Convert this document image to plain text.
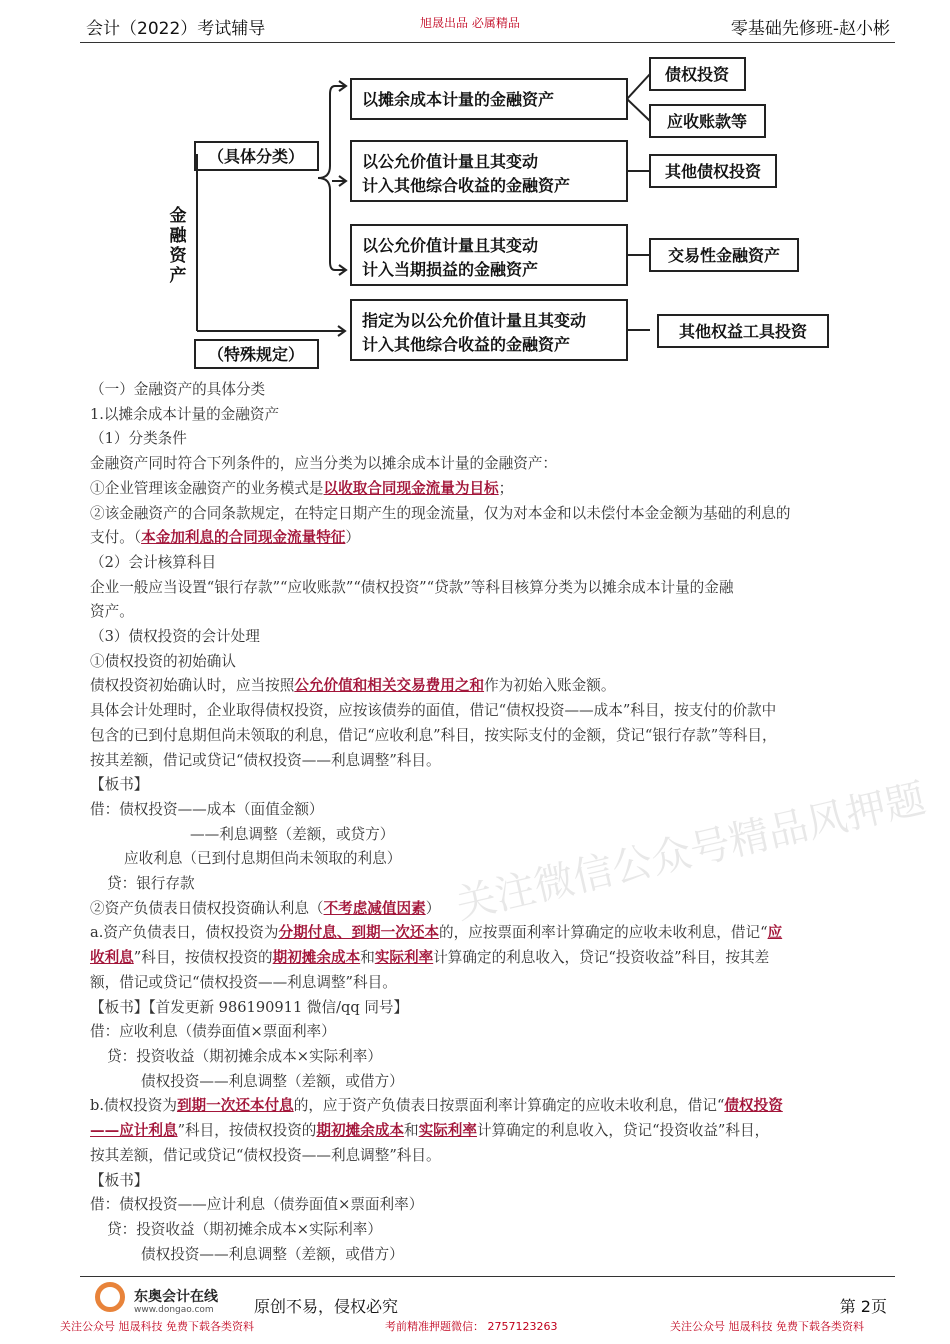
会计（2022）考试辅导	旭晟出品 必属精品	零基础先修班-赵小彬
金
融
资
产
（具体分类）
（特殊规定）
以摊余成本计量的金融资产
以公允价值计量且其变动
计入其他综合收益的金融资产
以公允价值计量且其变动
计入当期损益的金融资产
指定为以公允价值计量且其变动
计入其他综合收益的金融资产
债权投资
应收账款等
其他债权投资
交易性金融资产
其他权益工具投资
（一）金融资产的具体分类
1.以摊余成本计量的金融资产
（1）分类条件
金融资产同时符合下列条件的，应当分类为以摊余成本计量的金融资产：
①企业管理该金融资产的业务模式是以收取合同现金流量为目标；
②该金融资产的合同条款规定，在特定日期产生的现金流量，仅为对本金和以未偿付本金金额为基础的利息的
支付。（本金加利息的合同现金流量特征）
（2）会计核算科目
企业一般应当设置“银行存款”“应收账款”“债权投资”“贷款”等科目核算分类为以摊余成本计量的金融
资产。
（3）债权投资的会计处理
①债权投资的初始确认
债权投资初始确认时，应当按照公允价值和相关交易费用之和作为初始入账金额。
具体会计处理时，企业取得债权投资，应按该债券的面值，借记“债权投资——成本”科目，按支付的价款中
包含的已到付息期但尚未领取的利息，借记“应收利息”科目，按实际支付的金额，贷记“银行存款”等科目，
按其差额，借记或贷记“债权投资——利息调整”科目。
【板书】
借：债权投资——成本（面值金额）
——利息调整（差额，或贷方）
应收利息（已到付息期但尚未领取的利息）
贷：银行存款
②资产负债表日债权投资确认利息（不考虑减值因素）
a.资产负债表日，债权投资为分期付息、到期一次还本的，应按票面利率计算确定的应收未收利息，借记“应
收利息”科目，按债权投资的期初摊余成本和实际利率计算确定的利息收入，贷记“投资收益”科目，按其差
额，借记或贷记“债权投资——利息调整”科目。
【板书】【首发更新 986190911 微信/qq 同号】
借：应收利息（债券面值×票面利率）
贷：投资收益（期初摊余成本×实际利率）
债权投资——利息调整（差额，或借方）
b.债权投资为到期一次还本付息的，应于资产负债表日按票面利率计算确定的应收未收利息，借记“债权投资
——应计利息”科目，按债权投资的期初摊余成本和实际利率计算确定的利息收入，贷记“投资收益”科目，
按其差额，借记或贷记“债权投资——利息调整”科目。
【板书】
借：债权投资——应计利息（债券面值×票面利率）
贷：投资收益（期初摊余成本×实际利率）
债权投资——利息调整（差额，或借方）
关注微信公众号精品风押题
东奥会计在线
www.dongao.com	原创不易，侵权必究	第 2页
关注公众号 旭晟科技 免费下载各类资料	考前精准押题微信： 2757123263	关注公众号 旭晟科技 免费下载各类资料
